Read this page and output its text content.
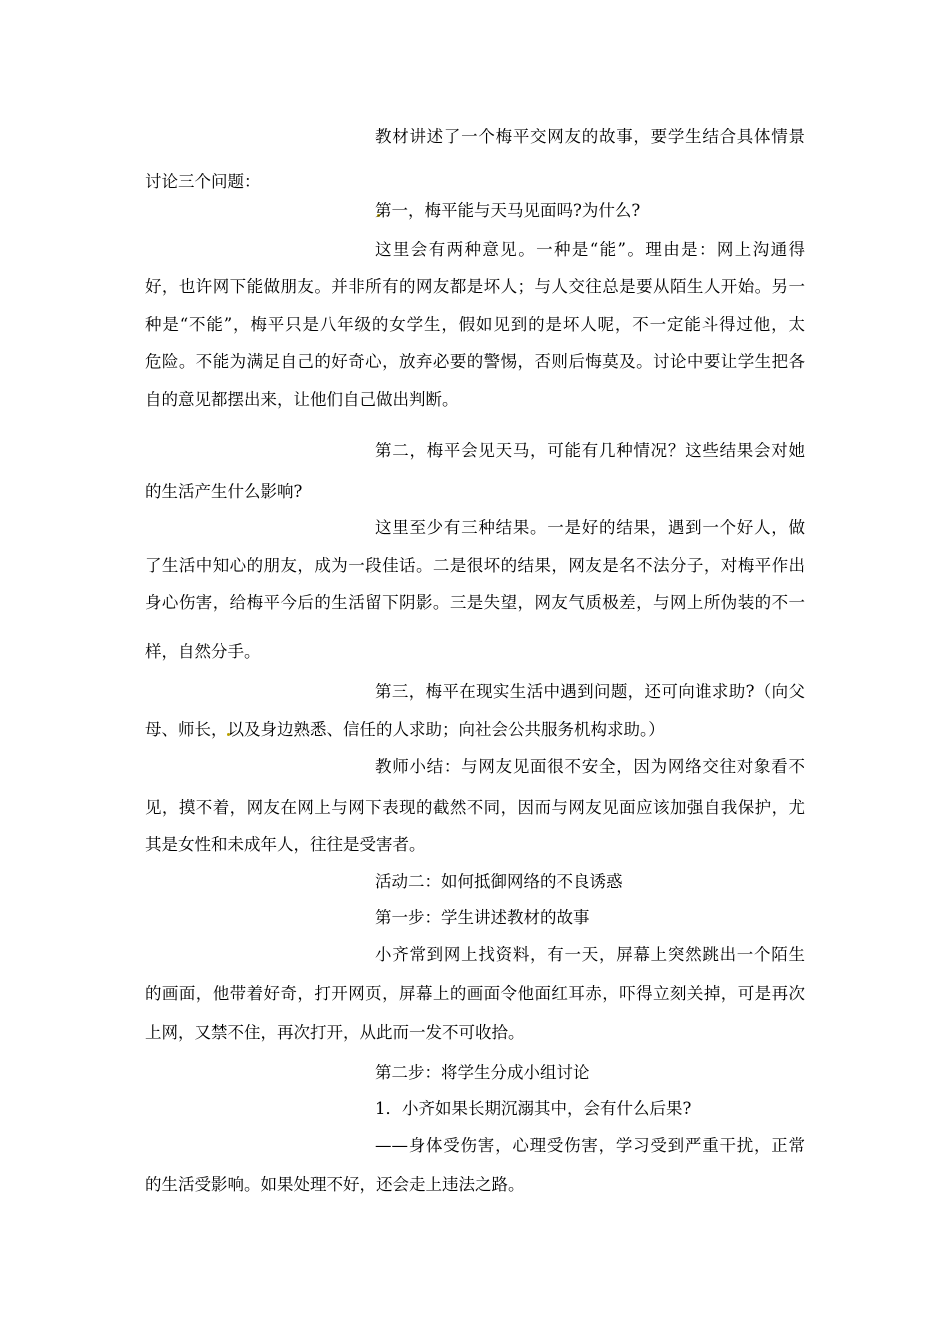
教材讲述了一个梅平交网友的故事，要学生结合具体情景
讨论三个问题：
第一，梅平能与天马见面吗?为什么?
这里会有两种意见。一种是“能”。理由是：网上沟通得
好，也许网下能做朋友。并非所有的网友都是坏人；与人交往总是要从陌生人开始。另一
种是“不能”，梅平只是八年级的女学生，假如见到的是坏人呢，不一定能斗得过他，太
危险。不能为满足自己的好奇心，放弃必要的警惕，否则后悔莫及。讨论中要让学生把各
自的意见都摆出来，让他们自己做出判断。
第二，梅平会见天马，可能有几种情况？这些结果会对她
的生活产生什么影响?
这里至少有三种结果。一是好的结果，遇到一个好人，做
了生活中知心的朋友，成为一段佳话。二是很坏的结果，网友是名不法分子，对梅平作出
身心伤害，给梅平今后的生活留下阴影。三是失望，网友气质极差，与网上所伪装的不一
样，自然分手。
第三，梅平在现实生活中遇到问题，还可向谁求助?（向父
母、师长，以及身边熟悉、信任的人求助；向社会公共服务机构求助。）
教师小结：与网友见面很不安全，因为网络交往对象看不
见，摸不着，网友在网上与网下表现的截然不同，因而与网友见面应该加强自我保护，尤
其是女性和未成年人，往往是受害者。
活动二：如何抵御网络的不良诱惑
第一步：学生讲述教材的故事
小齐常到网上找资料，有一天，屏幕上突然跳出一个陌生
的画面，他带着好奇，打开网页，屏幕上的画面令他面红耳赤，吓得立刻关掉，可是再次
上网，又禁不住，再次打开，从此而一发不可收拾。
第二步：将学生分成小组讨论
1．小齐如果长期沉溺其中，会有什么后果?
——身体受伤害，心理受伤害，学习受到严重干扰，正常
的生活受影响。如果处理不好，还会走上违法之路。
